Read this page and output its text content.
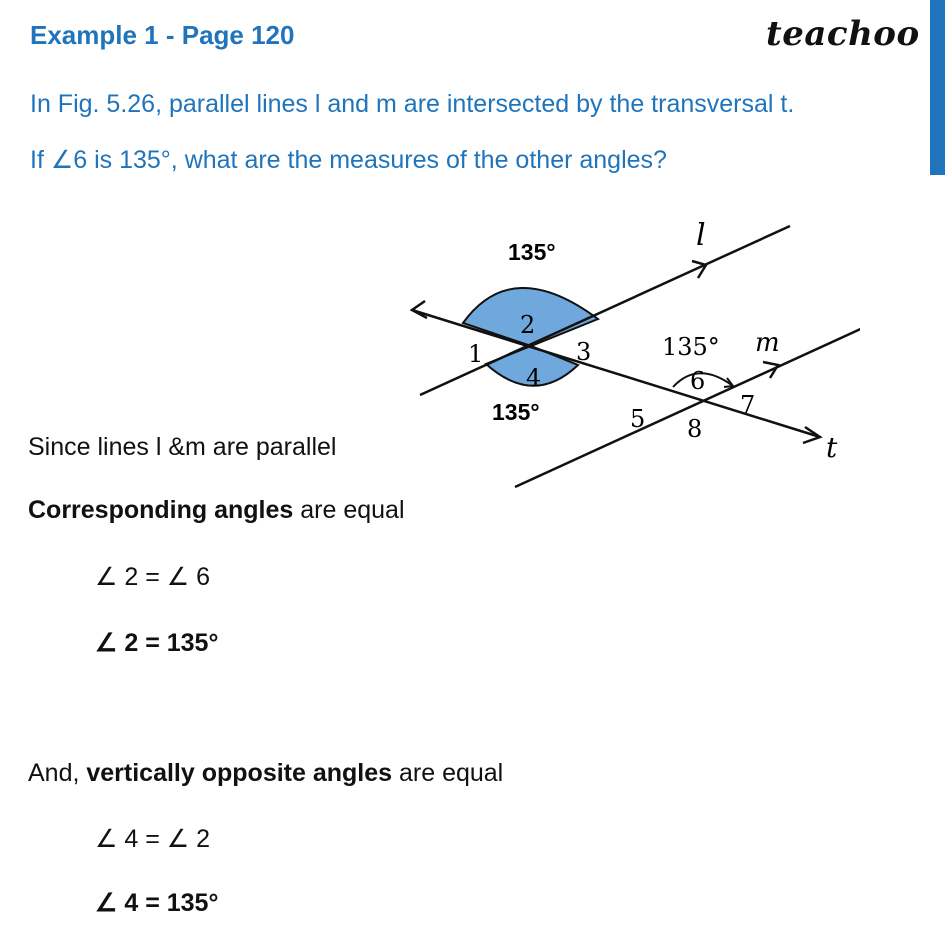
Example 1 - Page 120	teachoo
In Fig. 5.26, parallel lines l and m are intersected by the transversal t.
If ∠6 is 135°, what are the measures of the other angles?
l
m
t
135°
135°
135°
1
2
3
4
5
6
7
8
Since lines l &m are parallel
Corresponding angles are equal
∠ 2 = ∠ 6
∠ 2 = 135°
And, vertically opposite angles are equal
∠ 4 = ∠ 2
∠ 4 = 135°
